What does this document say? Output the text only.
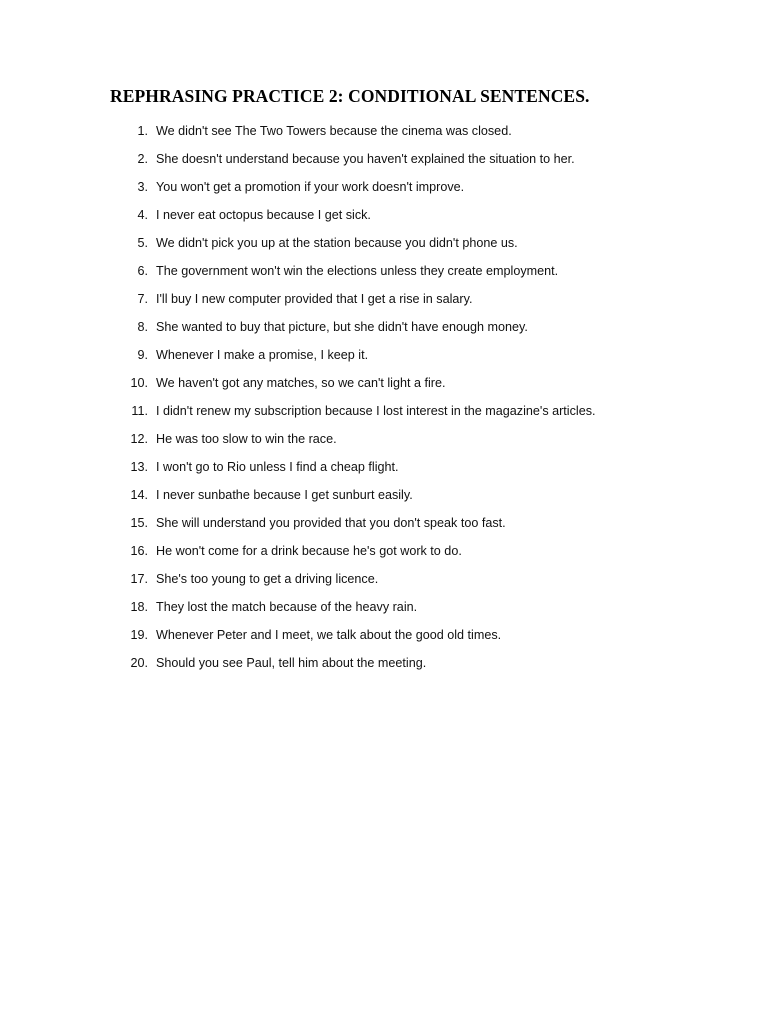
REPHRASING PRACTICE 2: CONDITIONAL SENTENCES.
1. We didn't see The Two Towers because the cinema was closed.
2. She doesn't understand because you haven't explained the situation to her.
3. You won't get a promotion if your work doesn't improve.
4. I never eat octopus because I get sick.
5. We didn't pick you up at the station because you didn't phone us.
6. The government won't win the elections unless they create employment.
7. I'll buy I new computer provided that I get a rise in salary.
8. She wanted to buy that picture, but she didn't have enough money.
9. Whenever I make a promise, I keep it.
10. We haven't got any matches, so we can't light a fire.
11. I didn't renew my subscription because I lost interest in the magazine's articles.
12. He was too slow to win the race.
13. I won't go to Rio unless I find a cheap flight.
14. I never sunbathe because I get sunburt easily.
15. She will understand you provided that you don't speak too fast.
16. He won't come for a drink because he's got work to do.
17. She's too young to get a driving licence.
18. They lost the match because of the heavy rain.
19. Whenever Peter and I meet, we talk about the good old times.
20. Should you see Paul, tell him about the meeting.
